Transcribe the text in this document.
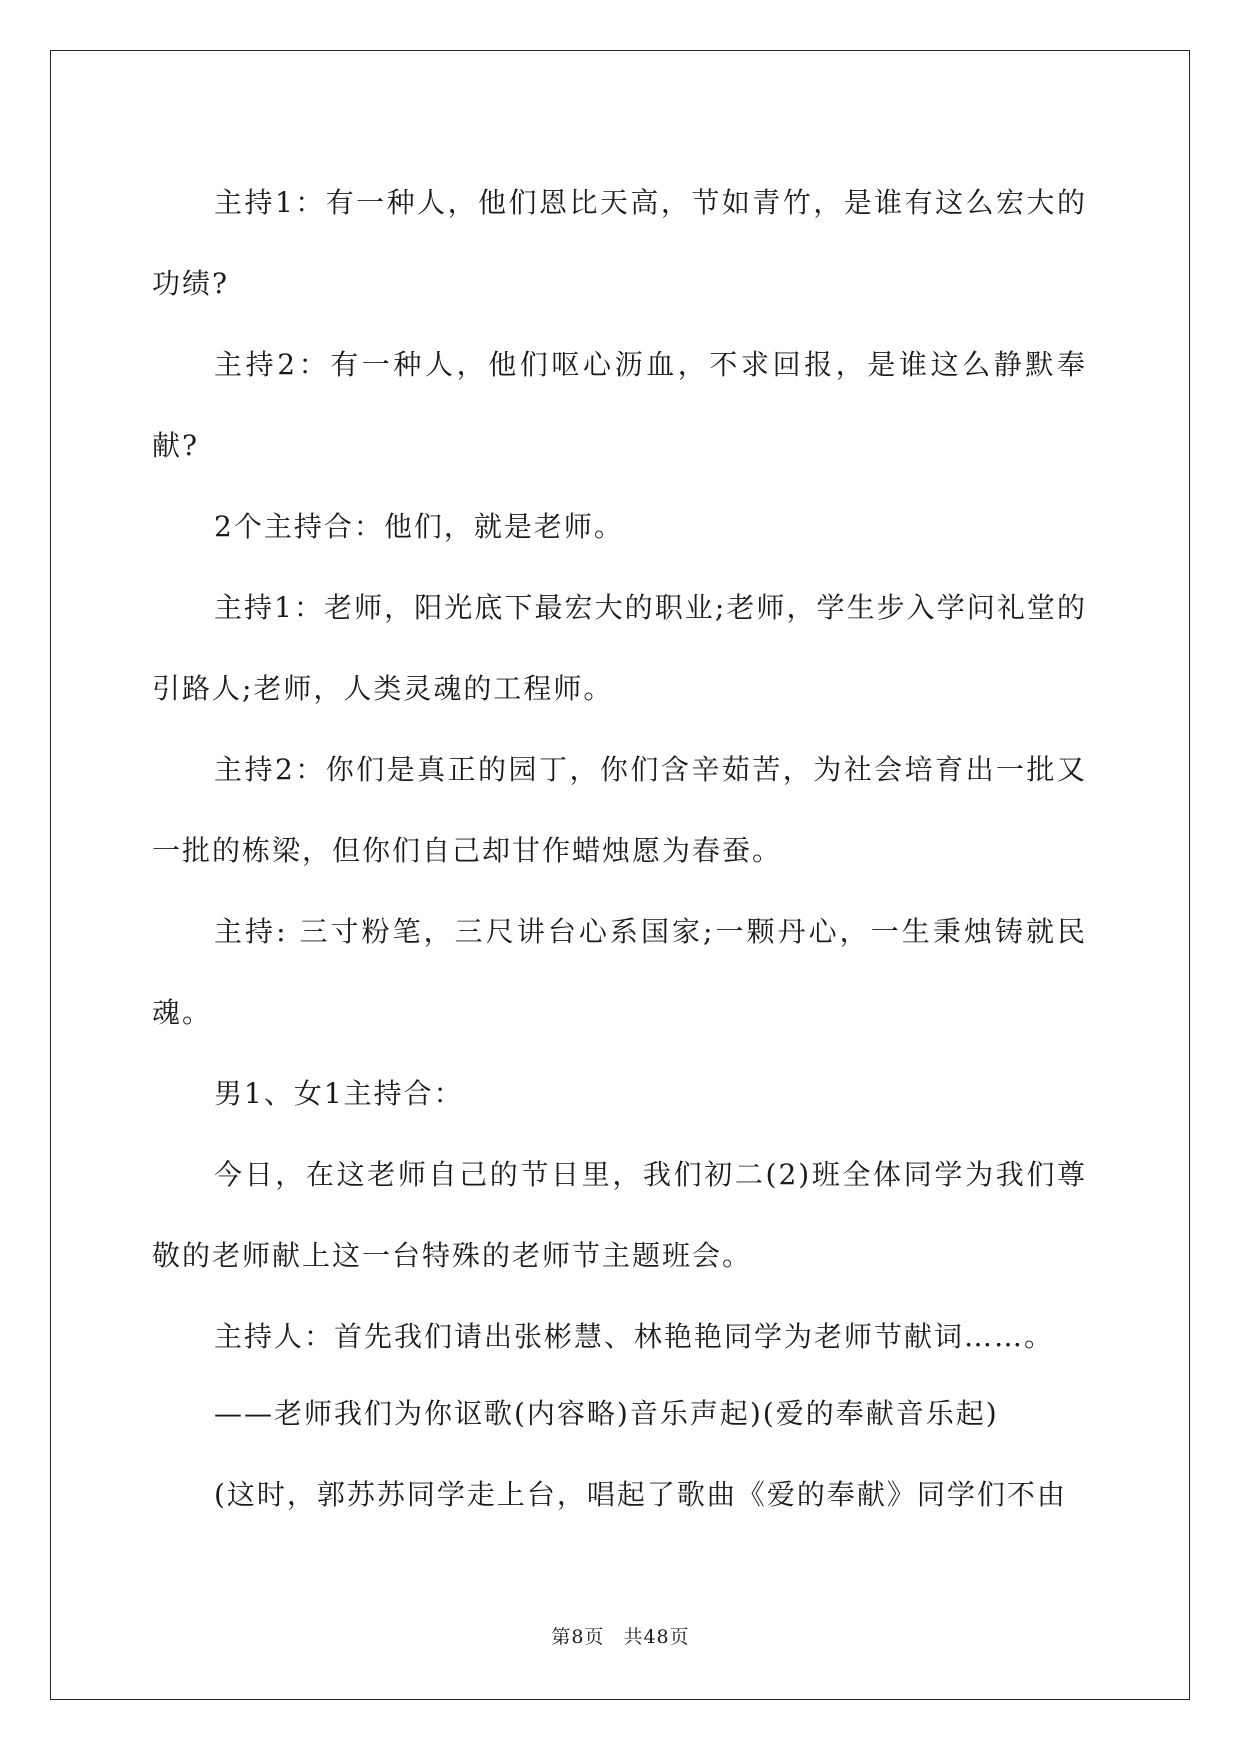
主持1：有一种人，他们恩比天高，节如青竹，是谁有这么宏大的功绩?

主持2：有一种人，他们呕心沥血，不求回报，是谁这么静默奉献?

2个主持合：他们，就是老师。

主持1：老师，阳光底下最宏大的职业;老师，学生步入学问礼堂的引路人;老师，人类灵魂的工程师。

主持2：你们是真正的园丁，你们含辛茹苦，为社会培育出一批又一批的栋梁，但你们自己却甘作蜡烛愿为春蚕。

主持: 三寸粉笔，三尺讲台心系国家;一颗丹心，一生秉烛铸就民魂。

男1、女1主持合：

今日，在这老师自己的节日里，我们初二(2)班全体同学为我们尊敬的老师献上这一台特殊的老师节主题班会。

主持人：首先我们请出张彬慧、林艳艳同学为老师节献词……。

——老师我们为你讴歌(内容略)音乐声起)(爱的奉献音乐起)

(这时，郭苏苏同学走上台，唱起了歌曲《爱的奉献》同学们不由

第8页 共48页
